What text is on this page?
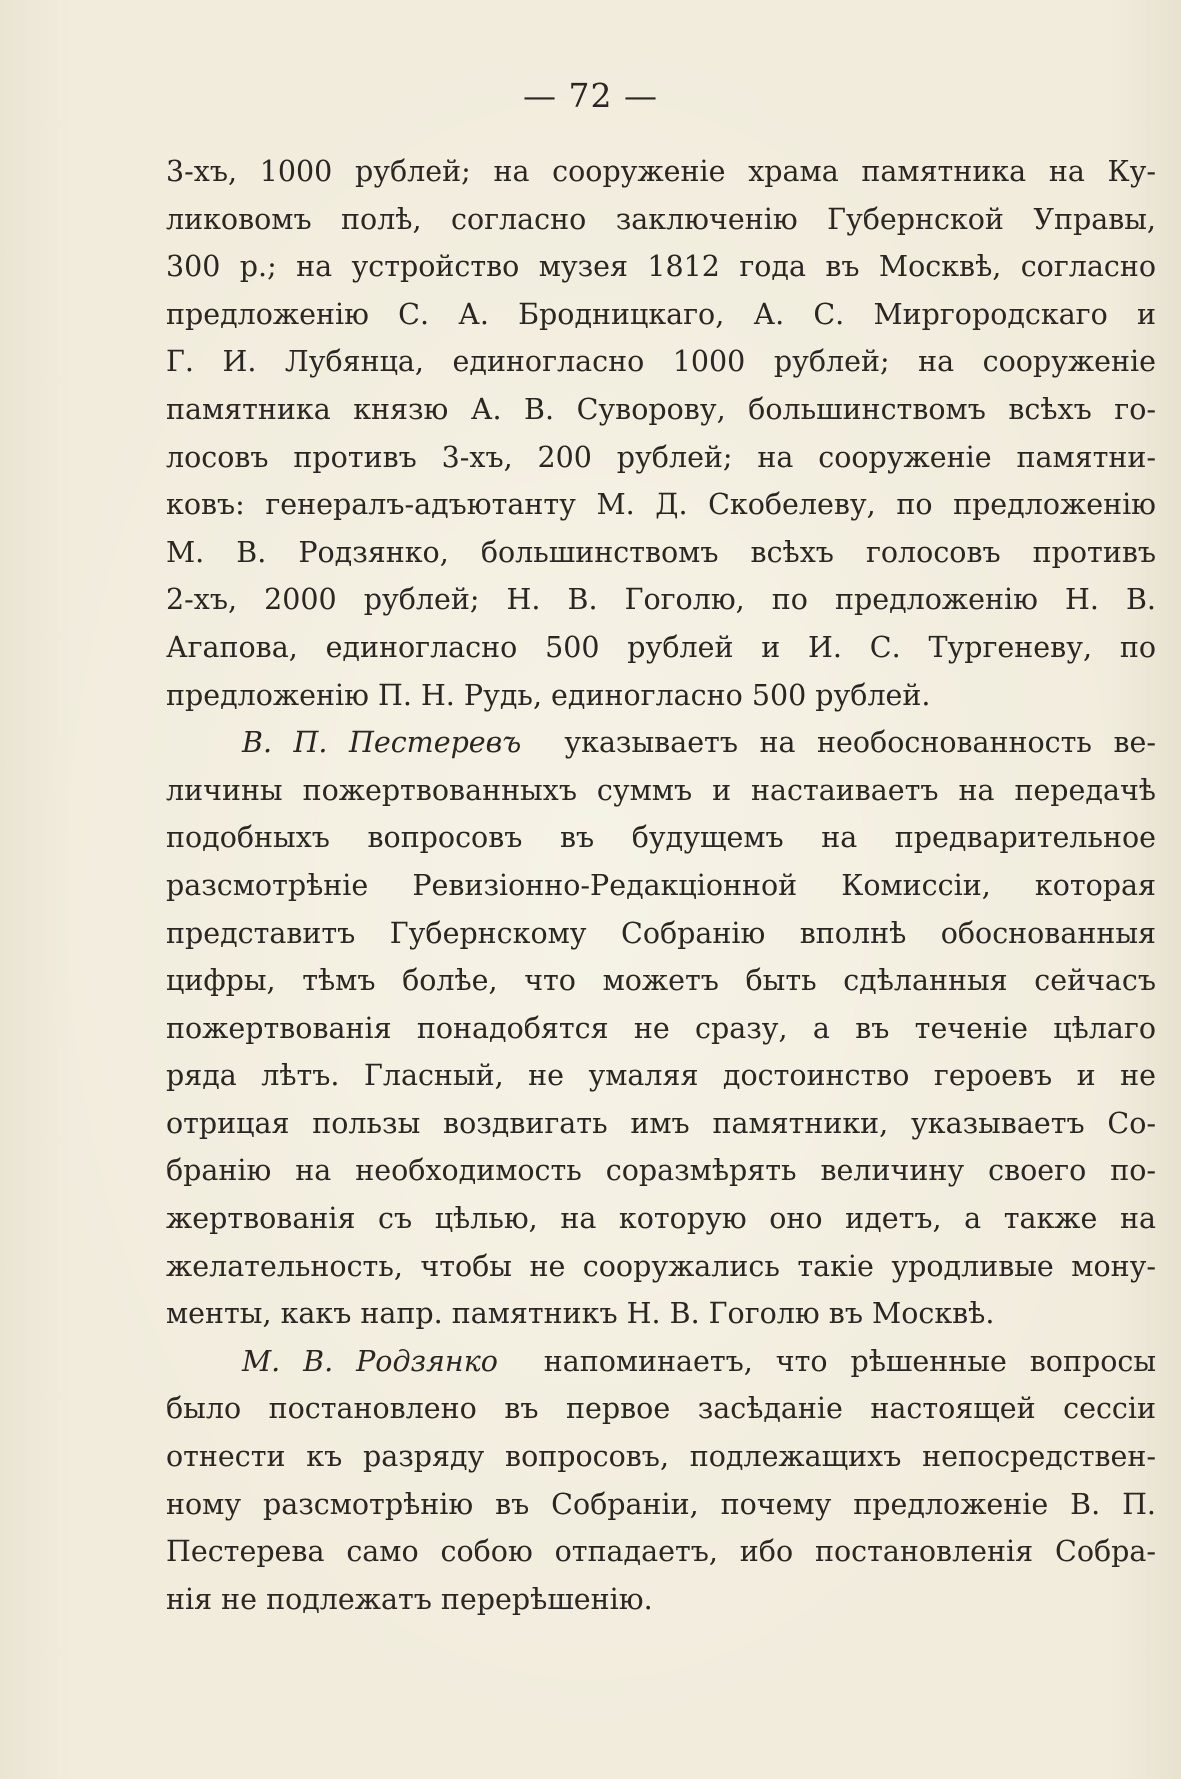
— 72 —
3-хъ, 1000 рублей; на сооруженіе храма памятника на Ку-
ликовомъ полѣ, согласно заключенію Губернской Управы,
300 р.; на устройство музея 1812 года въ Москвѣ, согласно
предложенію С. А. Бродницкаго, А. С. Миргородскаго и
Г. И. Лубянца, единогласно 1000 рублей; на сооруженіе
памятника князю А. В. Суворову, большинствомъ всѣхъ го-
лосовъ противъ 3-хъ, 200 рублей; на сооруженіе памятни-
ковъ: генералъ-адъютанту М. Д. Скобелеву, по предложенію
М. В. Родзянко, большинствомъ всѣхъ голосовъ противъ
2-хъ, 2000 рублей; Н. В. Гоголю, по предложенію Н. В.
Агапова, единогласно 500 рублей и И. С. Тургеневу, по
предложенію П. Н. Рудь, единогласно 500 рублей.
В. П. Пестеревъ указываетъ на необоснованность ве-
личины пожертвованныхъ суммъ и настаиваетъ на передачѣ
подобныхъ вопросовъ въ будущемъ на предварительное
разсмотрѣніе Ревизіонно-Редакціонной Комиссіи, которая
представитъ Губернскому Собранію вполнѣ обоснованныя
цифры, тѣмъ болѣе, что можетъ быть сдѣланныя сейчасъ
пожертвованія понадобятся не сразу, а въ теченіе цѣлаго
ряда лѣтъ. Гласный, не умаляя достоинство героевъ и не
отрицая пользы воздвигать имъ памятники, указываетъ Со-
бранію на необходимость соразмѣрять величину своего по-
жертвованія съ цѣлью, на которую оно идетъ, а также на
желательность, чтобы не сооружались такіе уродливые мону-
менты, какъ напр. памятникъ Н. В. Гоголю въ Москвѣ.
М. В. Родзянко напоминаетъ, что рѣшенные вопросы
было постановлено въ первое засѣданіе настоящей сессіи
отнести къ разряду вопросовъ, подлежащихъ непосредствен-
ному разсмотрѣнію въ Собраніи, почему предложеніе В. П.
Пестерева само собою отпадаетъ, ибо постановленія Собра-
нія не подлежатъ перерѣшенію.
